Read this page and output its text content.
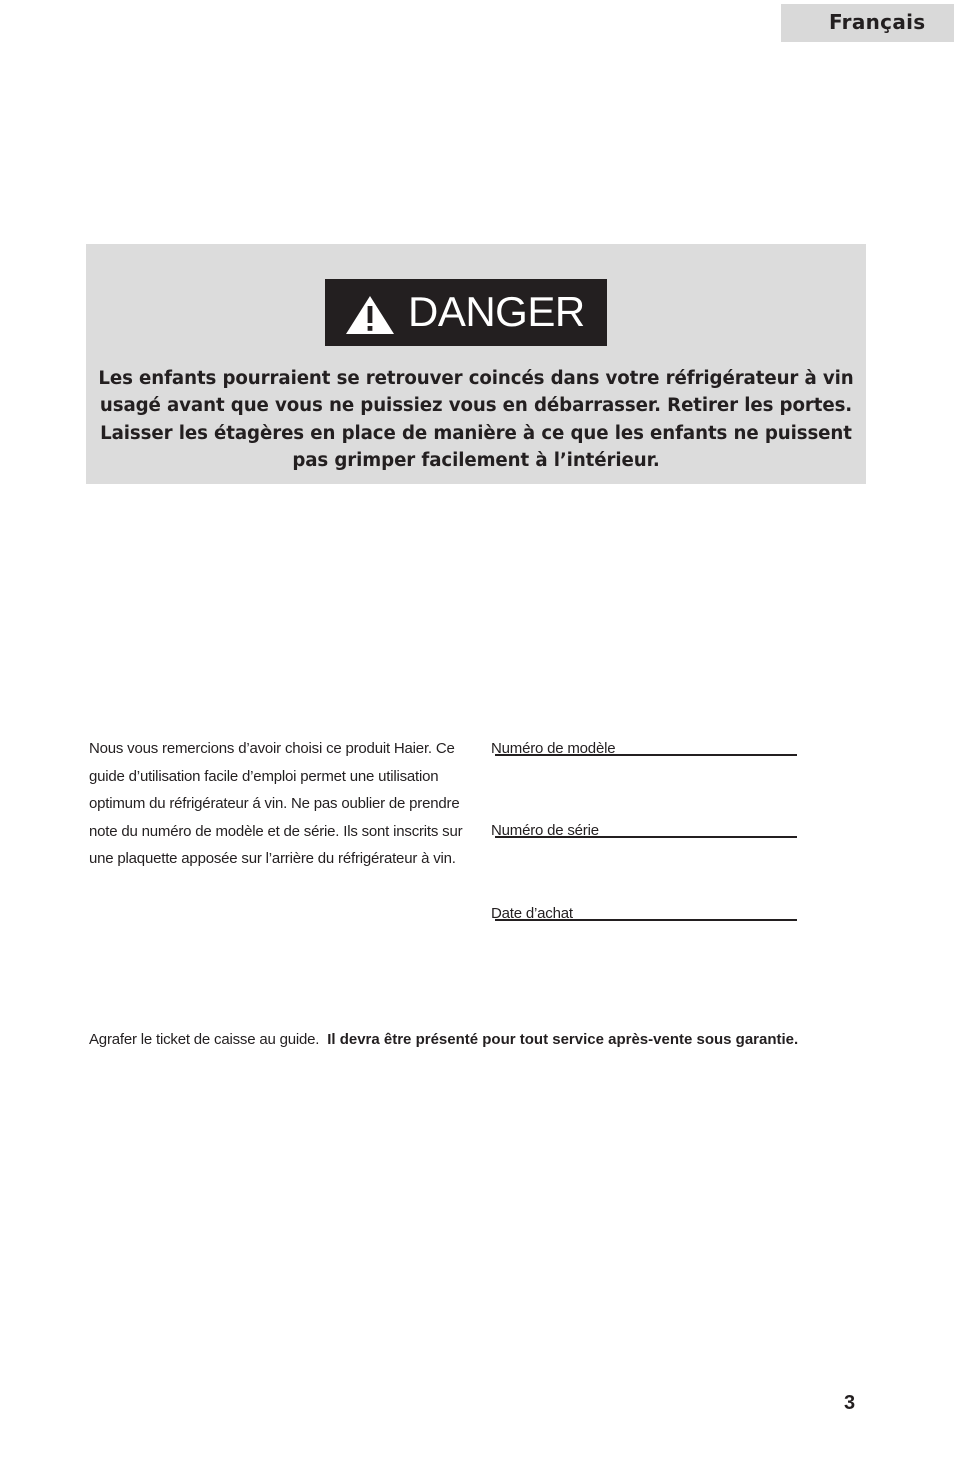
Français
DANGER
Les enfants pourraient se retrouver coincés dans votre réfrigérateur à vin usagé avant que vous ne puissiez vous en débarrasser. Retirer les portes. Laisser les étagères en place de manière à ce que les enfants ne puissent pas grimper facilement à l’intérieur.
Nous vous remercions d’avoir choisi ce produit Haier. Ce guide d’utilisation facile d’emploi permet une utilisation optimum du réfrigérateur á vin. Ne pas oublier de prendre note du numéro de modèle et de série. Ils sont inscrits sur une plaquette apposée sur l’arrière du réfrigérateur à vin.
Numéro de modèle
Numéro de série
Date d’achat
Agrafer le ticket de caisse au guide. Il devra être présenté pour tout service après-vente sous garantie.
3
